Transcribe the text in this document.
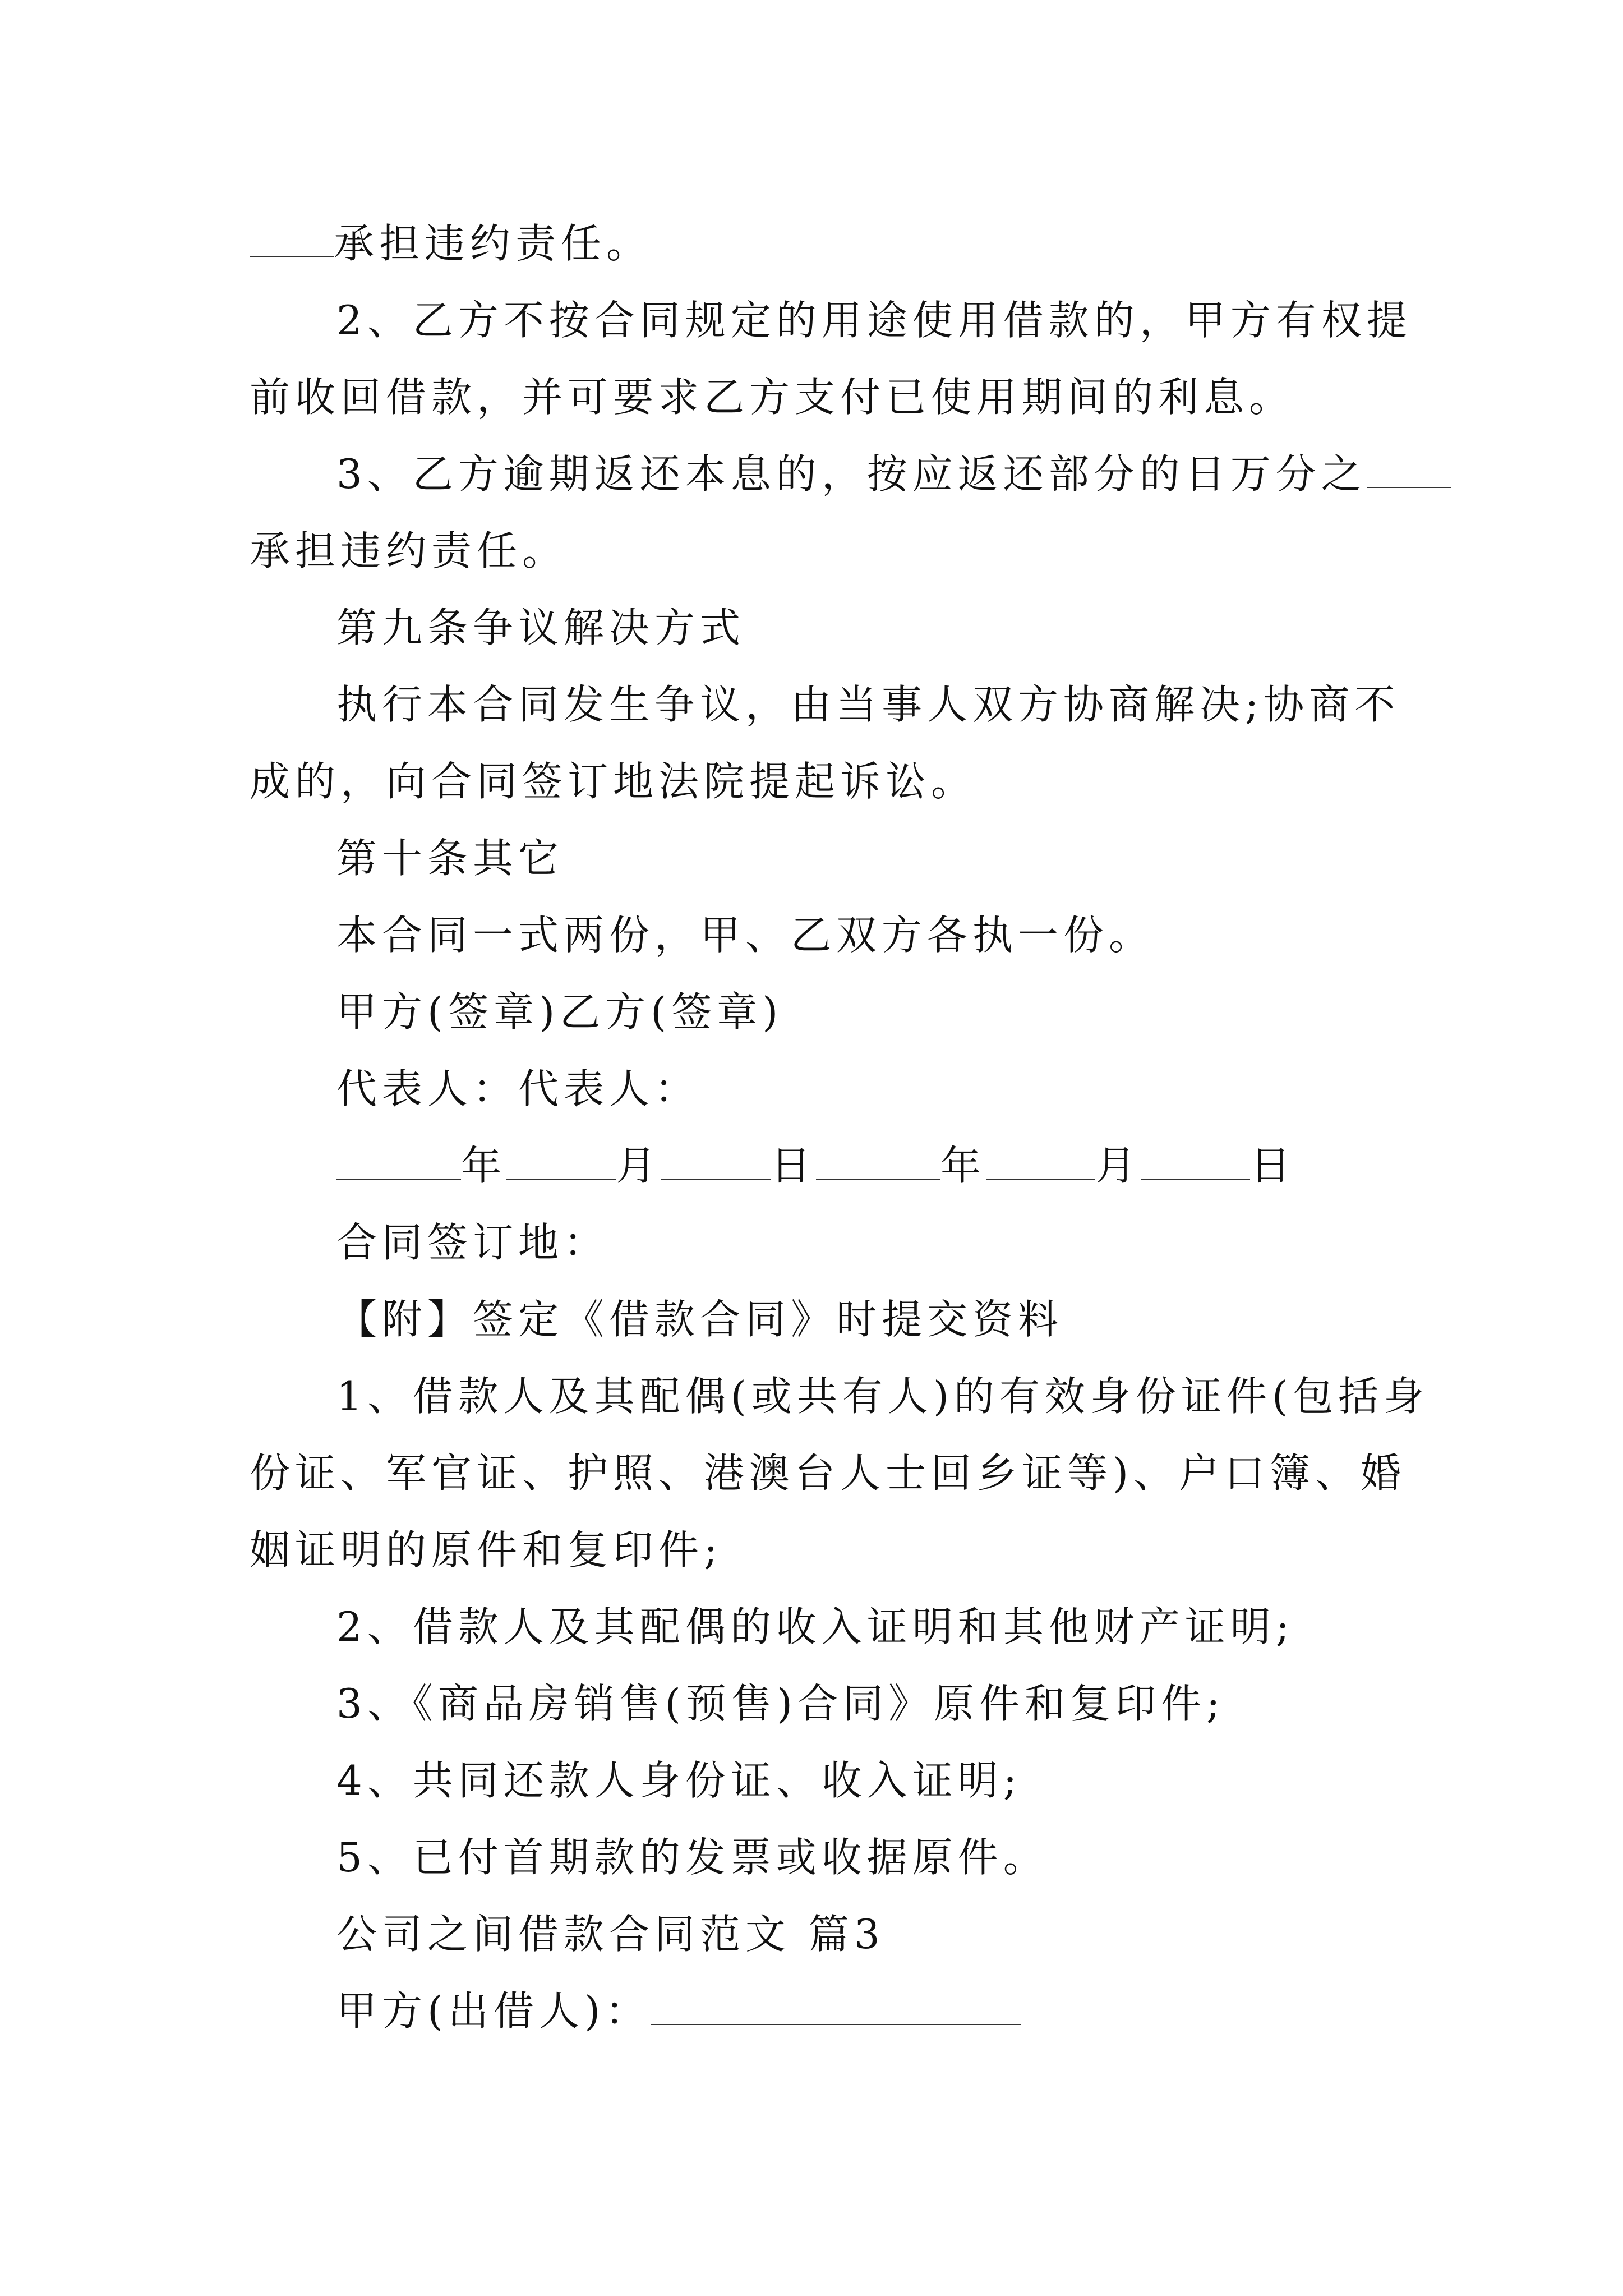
承担违约责任。
2、乙方不按合同规定的用途使用借款的，甲方有权提
前收回借款，并可要求乙方支付已使用期间的利息。
3、乙方逾期返还本息的，按应返还部分的日万分之
承担违约责任。
第九条争议解决方式
执行本合同发生争议，由当事人双方协商解决;协商不
成的，向合同签订地法院提起诉讼。
第十条其它
本合同一式两份，甲、乙双方各执一份。
甲方(签章)乙方(签章)
代表人：代表人：
年	月	日	年	月	日
合同签订地：
【附】签定《借款合同》时提交资料
1、借款人及其配偶(或共有人)的有效身份证件(包括身
份证、军官证、护照、港澳台人士回乡证等)、户口簿、婚
姻证明的原件和复印件;
2、借款人及其配偶的收入证明和其他财产证明;
3、《商品房销售(预售)合同》原件和复印件;
4、共同还款人身份证、收入证明;
5、已付首期款的发票或收据原件。
公司之间借款合同范文 篇3
甲方(出借人)：
